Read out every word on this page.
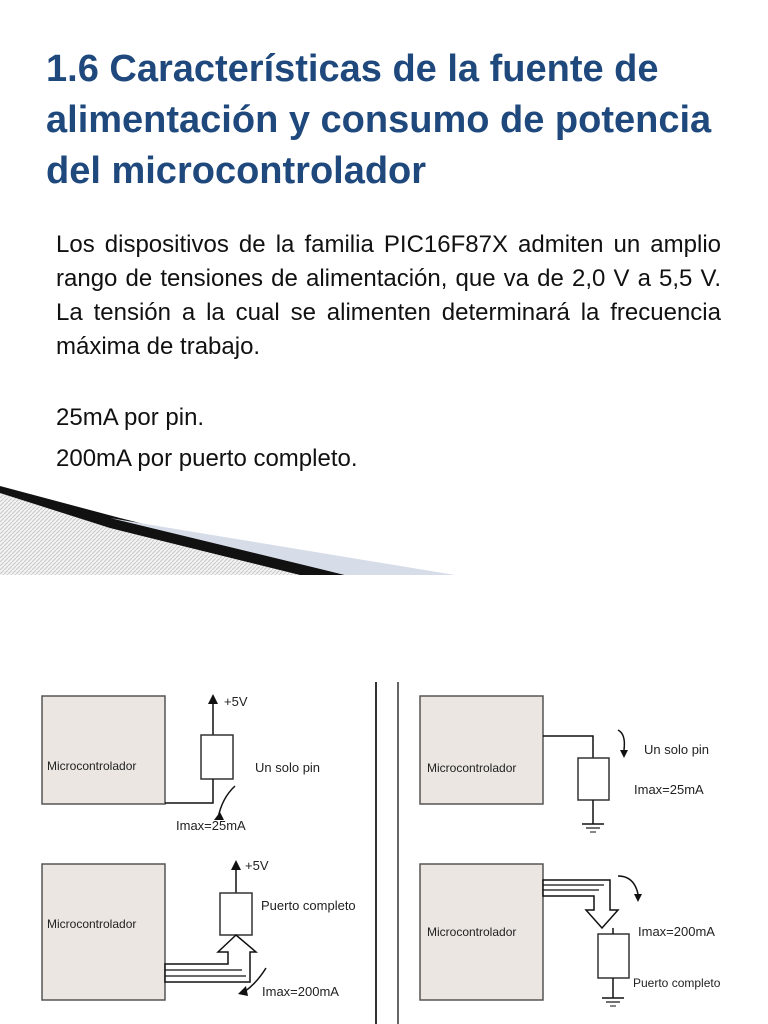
1.6 Características de la fuente de alimentación y consumo de potencia del microcontrolador

Los dispositivos de la familia PIC16F87X admiten un amplio rango de tensiones de alimentación, que va de 2,0 V a 5,5 V. La tensión a la cual se alimenten determinará la frecuencia máxima de trabajo.

25mA por pin.
200mA por puerto completo.
Microcontrolador
+5V
Un solo pin
Imax=25mA
Microcontrolador
+5V
Puerto completo
Imax=200mA
Microcontrolador
Un solo pin
Imax=25mA
Microcontrolador	Imax=200mA
Puerto completo
